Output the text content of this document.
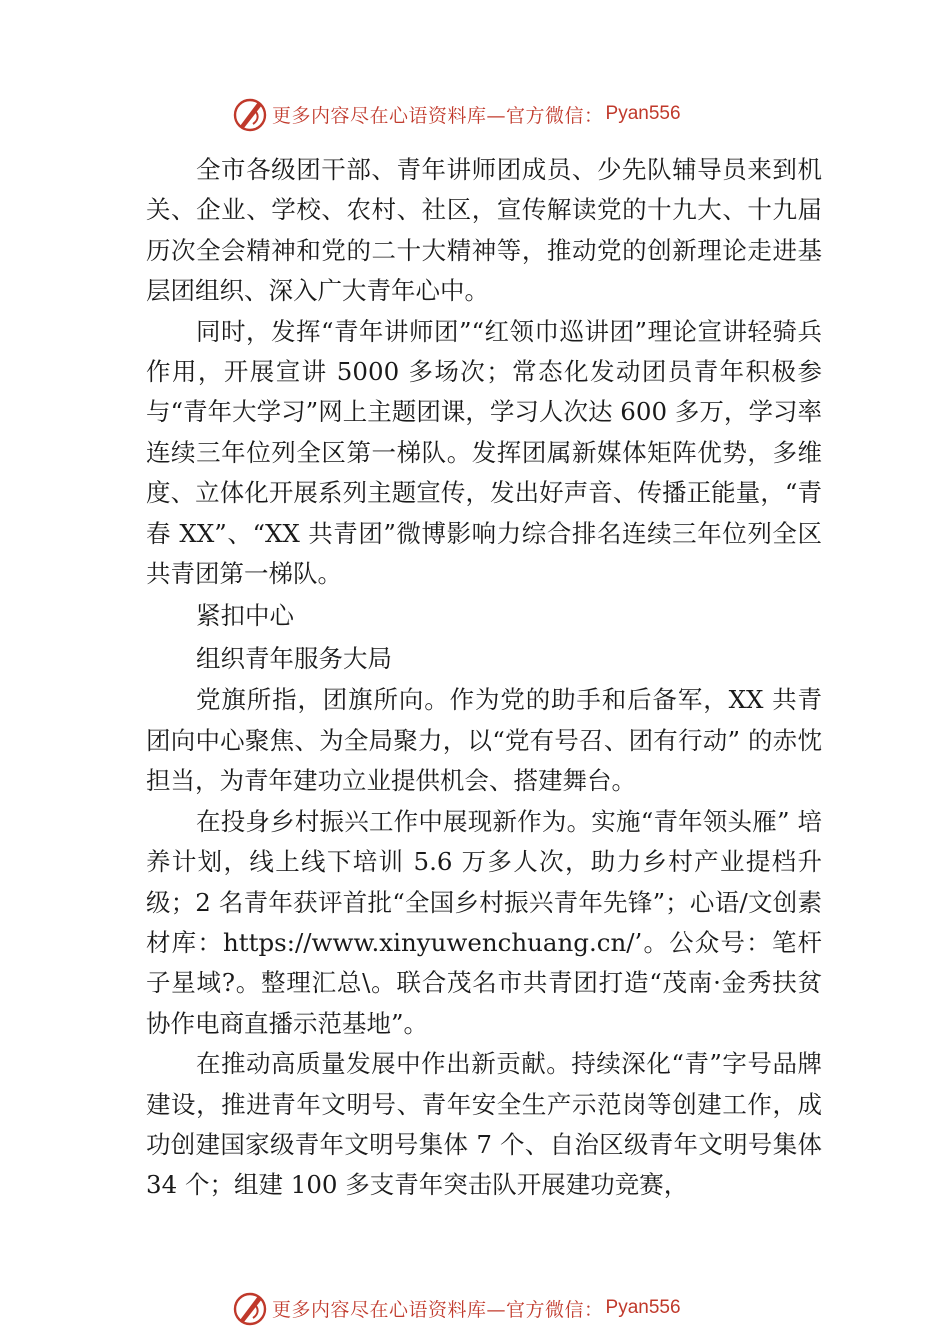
更多内容尽在心语资料库—官方微信： Pyan556

全市各级团干部、青年讲师团成员、少先队辅导员来到机关、企业、学校、农村、社区，宣传解读党的十九大、十九届历次全会精神和党的二十大精神等，推动党的创新理论走进基层团组织、深入广大青年心中。

同时，发挥“青年讲师团”“红领巾巡讲团”理论宣讲轻骑兵作用，开展宣讲 5000 多场次；常态化发动团员青年积极参与“青年大学习”网上主题团课，学习人次达 600 多万，学习率连续三年位列全区第一梯队。发挥团属新媒体矩阵优势，多维度、立体化开展系列主题宣传，发出好声音、传播正能量，“青春 XX”、“XX 共青团”微博影响力综合排名连续三年位列全区共青团第一梯队。

紧扣中心

组织青年服务大局

党旗所指，团旗所向。作为党的助手和后备军，XX 共青团向中心聚焦、为全局聚力，以“党有号召、团有行动” 的赤忱担当，为青年建功立业提供机会、搭建舞台。

在投身乡村振兴工作中展现新作为。实施“青年领头雁” 培养计划，线上线下培训 5.6 万多人次，助力乡村产业提档升级；2 名青年获评首批“全国乡村振兴青年先锋”；心语/文创素材库：https://www.xinyuwenchuang.cn/’。公众号：笔杆子星域?。整理汇总\。联合茂名市共青团打造“茂南·金秀扶贫协作电商直播示范基地”。

在推动高质量发展中作出新贡献。持续深化“青”字号品牌建设，推进青年文明号、青年安全生产示范岗等创建工作，成功创建国家级青年文明号集体 7 个、自治区级青年文明号集体 34 个；组建 100 多支青年突击队开展建功竞赛，

更多内容尽在心语资料库—官方微信： Pyan556
